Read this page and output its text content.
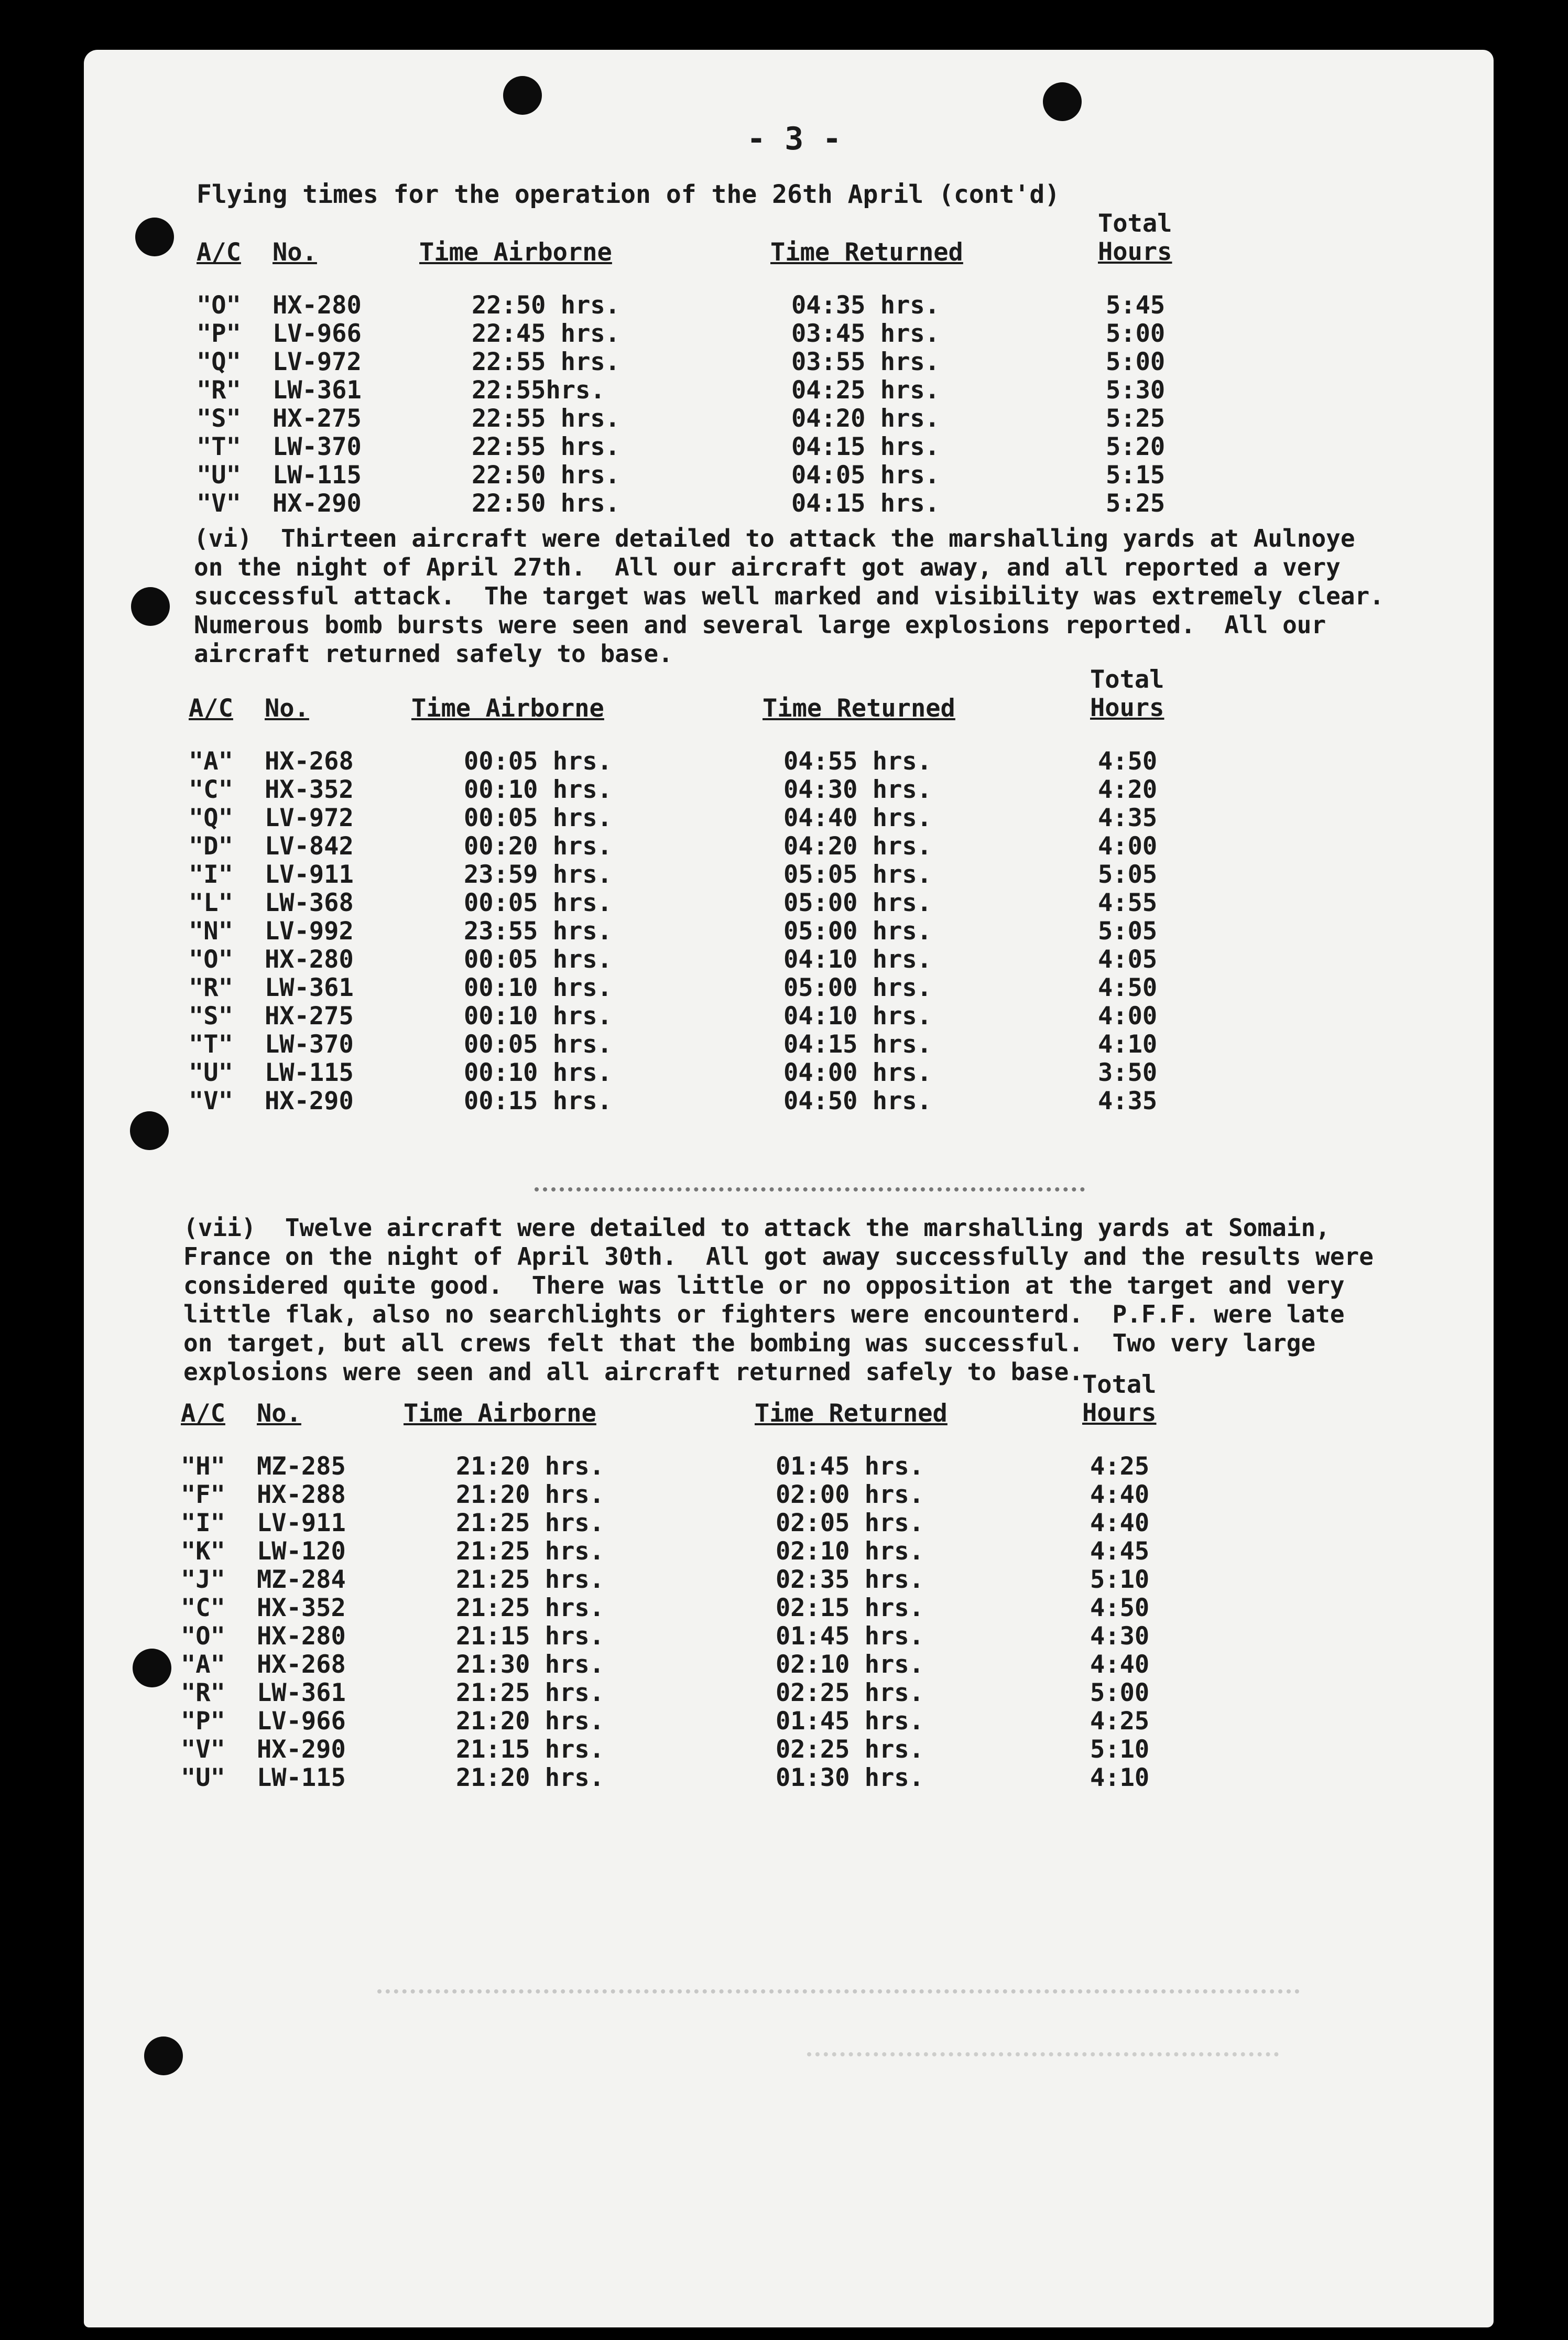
- 3 -
Flying times for the operation of the 26th April (cont'd)
A/C No.	Time Airborne	Time Returned
Total
Hours
"O" HX-280	22:50 hrs.	04:35 hrs.	5:45
"P" LV-966	22:45 hrs.	03:45 hrs.	5:00
"Q" LV-972	22:55 hrs.	03:55 hrs.	5:00
"R" LW-361	22:55hrs.	04:25 hrs.	5:30
"S" HX-275	22:55 hrs.	04:20 hrs.	5:25
"T" LW-370	22:55 hrs.	04:15 hrs.	5:20
"U" LW-115	22:50 hrs.	04:05 hrs.	5:15
"V" HX-290	22:50 hrs.	04:15 hrs.	5:25
(vi)  Thirteen aircraft were detailed to attack the marshalling yards at Aulnoye
on the night of April 27th.  All our aircraft got away, and all reported a very
successful attack.  The target was well marked and visibility was extremely clear.
Numerous bomb bursts were seen and several large explosions reported.  All our
aircraft returned safely to base.
A/C No.	Time Airborne	Time Returned
Total
Hours
"A" HX-268	00:05 hrs.	04:55 hrs.	4:50
"C" HX-352	00:10 hrs.	04:30 hrs.	4:20
"Q" LV-972	00:05 hrs.	04:40 hrs.	4:35
"D" LV-842	00:20 hrs.	04:20 hrs.	4:00
"I" LV-911	23:59 hrs.	05:05 hrs.	5:05
"L" LW-368	00:05 hrs.	05:00 hrs.	4:55
"N" LV-992	23:55 hrs.	05:00 hrs.	5:05
"O" HX-280	00:05 hrs.	04:10 hrs.	4:05
"R" LW-361	00:10 hrs.	05:00 hrs.	4:50
"S" HX-275	00:10 hrs.	04:10 hrs.	4:00
"T" LW-370	00:05 hrs.	04:15 hrs.	4:10
"U" LW-115	00:10 hrs.	04:00 hrs.	3:50
"V" HX-290	00:15 hrs.	04:50 hrs.	4:35
(vii)  Twelve aircraft were detailed to attack the marshalling yards at Somain,
France on the night of April 30th.  All got away successfully and the results were
considered quite good.  There was little or no opposition at the target and very
little flak, also no searchlights or fighters were encounterd.  P.F.F. were late
on target, but all crews felt that the bombing was successful.  Two very large
explosions were seen and all aircraft returned safely to base.
A/C No.	Time Airborne	Time Returned
Total
Hours
"H" MZ-285	21:20 hrs.	01:45 hrs.	4:25
"F" HX-288	21:20 hrs.	02:00 hrs.	4:40
"I" LV-911	21:25 hrs.	02:05 hrs.	4:40
"K" LW-120	21:25 hrs.	02:10 hrs.	4:45
"J" MZ-284	21:25 hrs.	02:35 hrs.	5:10
"C" HX-352	21:25 hrs.	02:15 hrs.	4:50
"O" HX-280	21:15 hrs.	01:45 hrs.	4:30
"A" HX-268	21:30 hrs.	02:10 hrs.	4:40
"R" LW-361	21:25 hrs.	02:25 hrs.	5:00
"P" LV-966	21:20 hrs.	01:45 hrs.	4:25
"V" HX-290	21:15 hrs.	02:25 hrs.	5:10
"U" LW-115	21:20 hrs.	01:30 hrs.	4:10
